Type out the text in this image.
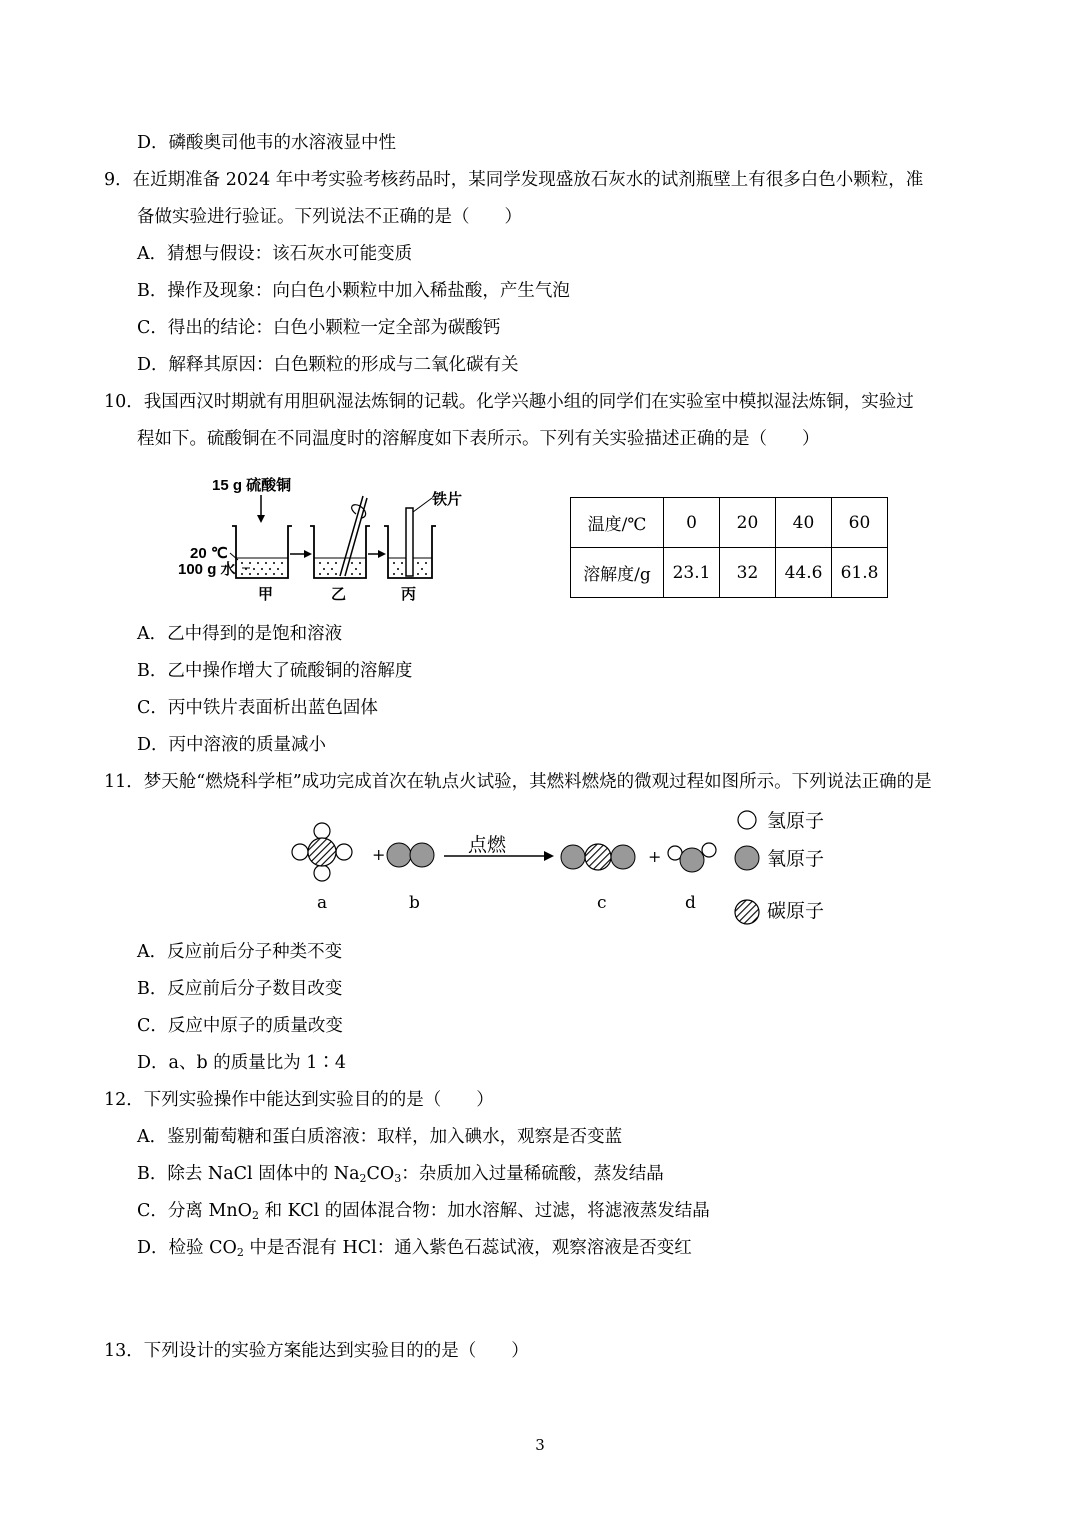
D．磷酸奥司他韦的水溶液显中性
9．在近期准备 2024 年中考实验考核药品时，某同学发现盛放石灰水的试剂瓶壁上有很多白色小颗粒，准
备做实验进行验证。下列说法不正确的是（　　）
A．猜想与假设：该石灰水可能变质
B．操作及现象：向白色小颗粒中加入稀盐酸，产生气泡
C．得出的结论：白色小颗粒一定全部为碳酸钙
D．解释其原因：白色颗粒的形成与二氧化碳有关
10．我国西汉时期就有用胆矾湿法炼铜的记载。化学兴趣小组的同学们在实验室中模拟湿法炼铜，实验过
程如下。硫酸铜在不同温度时的溶解度如下表所示。下列有关实验描述正确的是（　　）
15 g 硫酸铜
铁片
20 ℃
100 g 水
甲	乙	丙
温度/℃	0	20	40	60
溶解度/g	23.1	32	44.6	61.8
A．乙中得到的是饱和溶液
B．乙中操作增大了硫酸铜的溶解度
C．丙中铁片表面析出蓝色固体
D．丙中溶液的质量减小
11．梦天舱“燃烧科学柜”成功完成首次在轨点火试验，其燃料燃烧的微观过程如图所示。下列说法正确的是
+	点燃
+
a	b	c	d
氢原子
氧原子
碳原子
A．反应前后分子种类不变
B．反应前后分子数目改变
C．反应中原子的质量改变
D．a、b 的质量比为 1∶4
12．下列实验操作中能达到实验目的的是（　　）
A．鉴别葡萄糖和蛋白质溶液：取样，加入碘水，观察是否变蓝
B．除去 NaCl 固体中的 $Na_2CO_3$：杂质加入过量稀硫酸，蒸发结晶
C．分离 MnO$_2$ 和 KCl 的固体混合物：加水溶解、过滤，将滤液蒸发结晶
D．检验 $CO_2$ 中是否混有 HCl：通入紫色石蕊试液，观察溶液是否变红
13．下列设计的实验方案能达到实验目的的是（　　）
3
